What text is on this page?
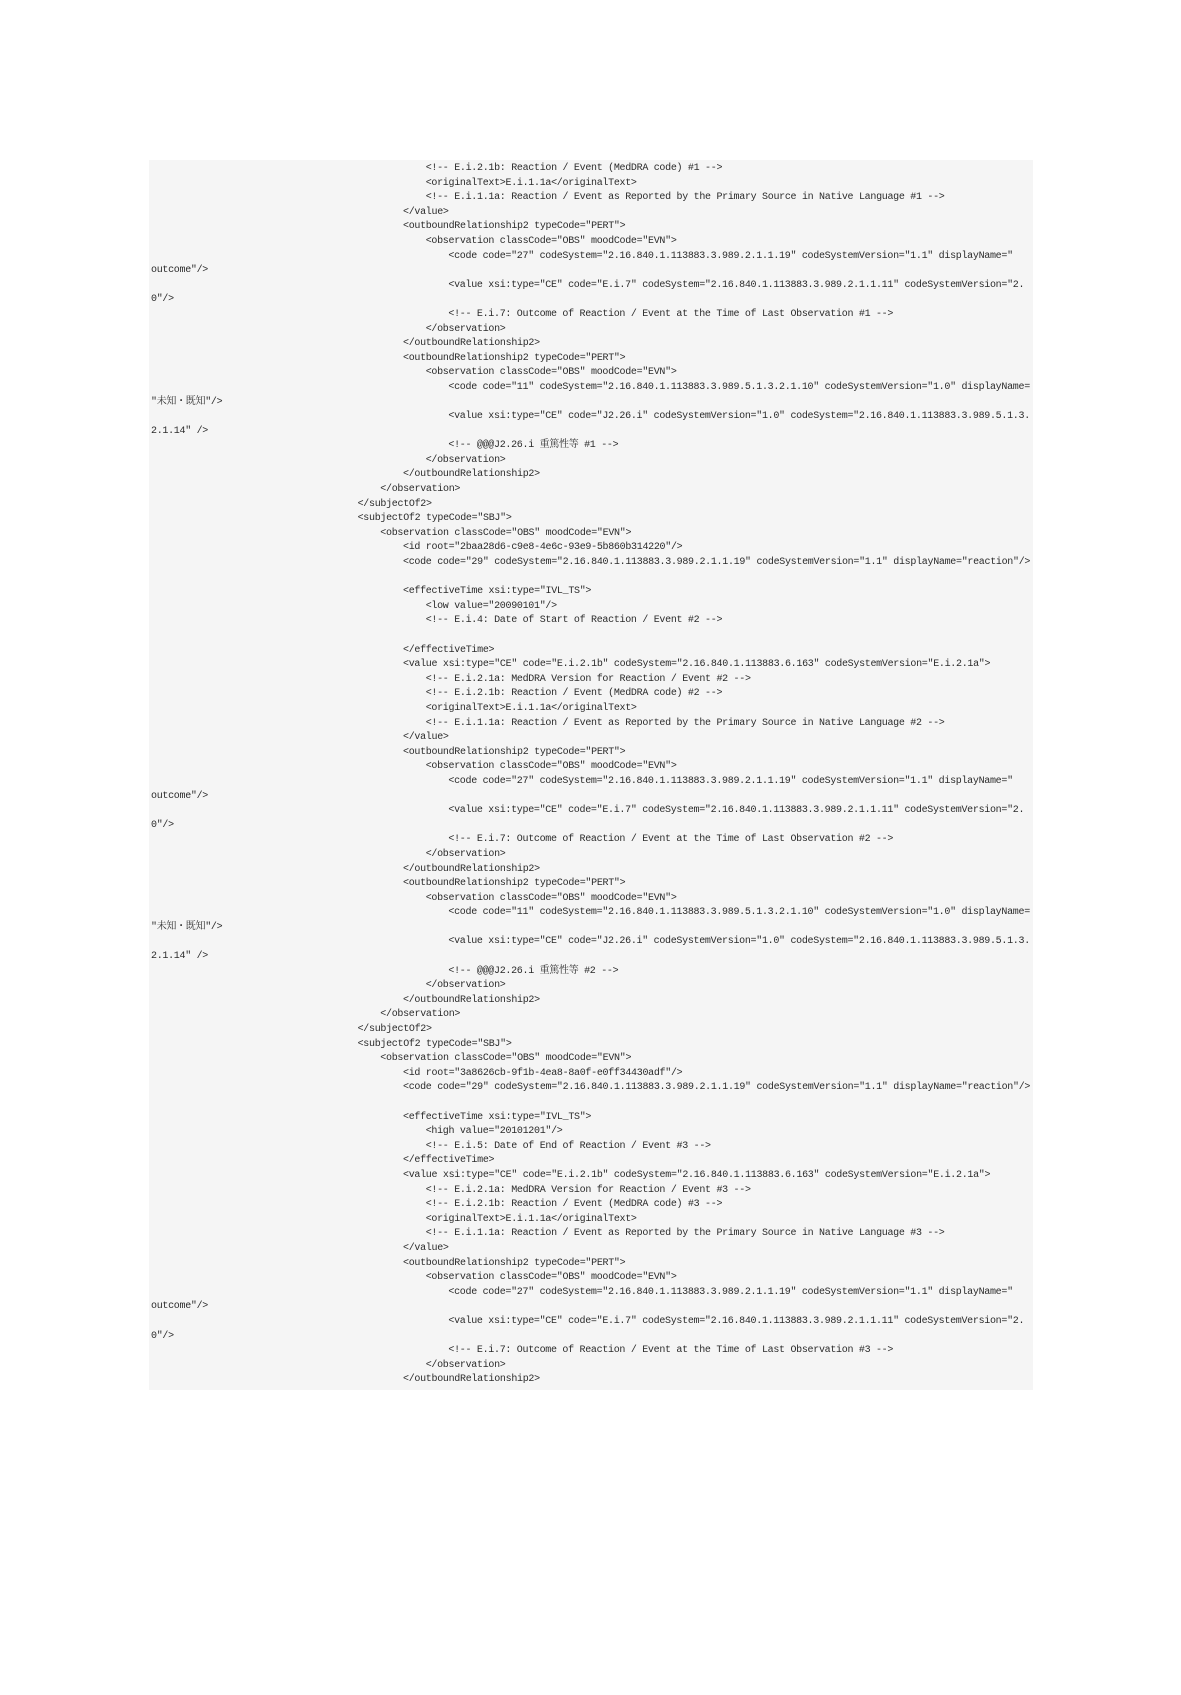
<!-- E.i.2.1b: Reaction / Event (MedDRA code) #1 -->
<originalText>E.i.1.1a</originalText>
<!-- E.i.1.1a: Reaction / Event as Reported by the Primary Source in Native Language #1 -->
</value>
<outboundRelationship2 typeCode="PERT">
<observation classCode="OBS" moodCode="EVN">
<code code="27" codeSystem="2.16.840.1.113883.3.989.2.1.1.19" codeSystemVersion="1.1" displayName="
outcome"/>
<value xsi:type="CE" code="E.i.7" codeSystem="2.16.840.1.113883.3.989.2.1.1.11" codeSystemVersion="2.
0"/>
<!-- E.i.7: Outcome of Reaction / Event at the Time of Last Observation #1 -->
</observation>
</outboundRelationship2>
<outboundRelationship2 typeCode="PERT">
<observation classCode="OBS" moodCode="EVN">
<code code="11" codeSystem="2.16.840.1.113883.3.989.5.1.3.2.1.10" codeSystemVersion="1.0" displayName=
"未知・既知"/>
<value xsi:type="CE" code="J2.26.i" codeSystemVersion="1.0" codeSystem="2.16.840.1.113883.3.989.5.1.3.
2.1.14" />
<!-- @@@J2.26.i 重篤性等 #1 -->
</observation>
</outboundRelationship2>
</observation>
</subjectOf2>
<subjectOf2 typeCode="SBJ">
<observation classCode="OBS" moodCode="EVN">
<id root="2baa28d6-c9e8-4e6c-93e9-5b860b314220"/>
<code code="29" codeSystem="2.16.840.1.113883.3.989.2.1.1.19" codeSystemVersion="1.1" displayName="reaction"/>
<effectiveTime xsi:type="IVL_TS">
<low value="20090101"/>
<!-- E.i.4: Date of Start of Reaction / Event #2 -->
</effectiveTime>
<value xsi:type="CE" code="E.i.2.1b" codeSystem="2.16.840.1.113883.6.163" codeSystemVersion="E.i.2.1a">
<!-- E.i.2.1a: MedDRA Version for Reaction / Event #2 -->
<!-- E.i.2.1b: Reaction / Event (MedDRA code) #2 -->
<originalText>E.i.1.1a</originalText>
<!-- E.i.1.1a: Reaction / Event as Reported by the Primary Source in Native Language #2 -->
</value>
<outboundRelationship2 typeCode="PERT">
<observation classCode="OBS" moodCode="EVN">
<code code="27" codeSystem="2.16.840.1.113883.3.989.2.1.1.19" codeSystemVersion="1.1" displayName="
outcome"/>
<value xsi:type="CE" code="E.i.7" codeSystem="2.16.840.1.113883.3.989.2.1.1.11" codeSystemVersion="2.
0"/>
<!-- E.i.7: Outcome of Reaction / Event at the Time of Last Observation #2 -->
</observation>
</outboundRelationship2>
<outboundRelationship2 typeCode="PERT">
<observation classCode="OBS" moodCode="EVN">
<code code="11" codeSystem="2.16.840.1.113883.3.989.5.1.3.2.1.10" codeSystemVersion="1.0" displayName=
"未知・既知"/>
<value xsi:type="CE" code="J2.26.i" codeSystemVersion="1.0" codeSystem="2.16.840.1.113883.3.989.5.1.3.
2.1.14" />
<!-- @@@J2.26.i 重篤性等 #2 -->
</observation>
</outboundRelationship2>
</observation>
</subjectOf2>
<subjectOf2 typeCode="SBJ">
<observation classCode="OBS" moodCode="EVN">
<id root="3a8626cb-9f1b-4ea8-8a0f-e0ff34430adf"/>
<code code="29" codeSystem="2.16.840.1.113883.3.989.2.1.1.19" codeSystemVersion="1.1" displayName="reaction"/>
<effectiveTime xsi:type="IVL_TS">
<high value="20101201"/>
<!-- E.i.5: Date of End of Reaction / Event #3 -->
</effectiveTime>
<value xsi:type="CE" code="E.i.2.1b" codeSystem="2.16.840.1.113883.6.163" codeSystemVersion="E.i.2.1a">
<!-- E.i.2.1a: MedDRA Version for Reaction / Event #3 -->
<!-- E.i.2.1b: Reaction / Event (MedDRA code) #3 -->
<originalText>E.i.1.1a</originalText>
<!-- E.i.1.1a: Reaction / Event as Reported by the Primary Source in Native Language #3 -->
</value>
<outboundRelationship2 typeCode="PERT">
<observation classCode="OBS" moodCode="EVN">
<code code="27" codeSystem="2.16.840.1.113883.3.989.2.1.1.19" codeSystemVersion="1.1" displayName="
outcome"/>
<value xsi:type="CE" code="E.i.7" codeSystem="2.16.840.1.113883.3.989.2.1.1.11" codeSystemVersion="2.
0"/>
<!-- E.i.7: Outcome of Reaction / Event at the Time of Last Observation #3 -->
</observation>
</outboundRelationship2>
